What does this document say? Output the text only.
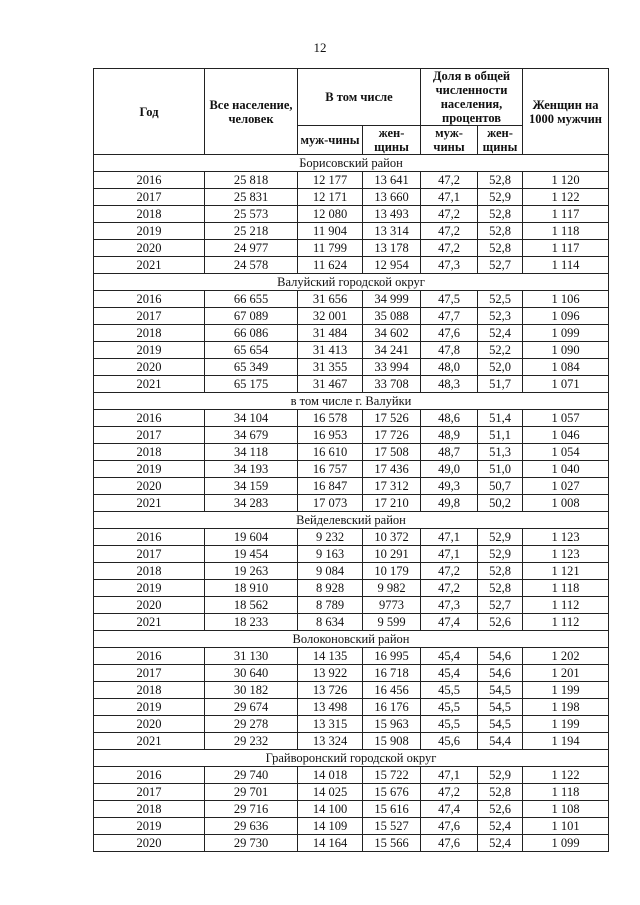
12
Год	Все население, человек	В том числе		Доля в общей численности населения, процентов		Женщин на 1000 мужчин
		муж-чины	жен-щины	муж-чины	жен-щины	
Борисовский район						
2016	25 818	12 177	13 641	47,2	52,8	1 120
2017	25 831	12 171	13 660	47,1	52,9	1 122
2018	25 573	12 080	13 493	47,2	52,8	1 117
2019	25 218	11 904	13 314	47,2	52,8	1 118
2020	24 977	11 799	13 178	47,2	52,8	1 117
2021	24 578	11 624	12 954	47,3	52,7	1 114
Валуйский городской округ						
2016	66 655	31 656	34 999	47,5	52,5	1 106
2017	67 089	32 001	35 088	47,7	52,3	1 096
2018	66 086	31 484	34 602	47,6	52,4	1 099
2019	65 654	31 413	34 241	47,8	52,2	1 090
2020	65 349	31 355	33 994	48,0	52,0	1 084
2021	65 175	31 467	33 708	48,3	51,7	1 071
в том числе г. Валуйки						
2016	34 104	16 578	17 526	48,6	51,4	1 057
2017	34 679	16 953	17 726	48,9	51,1	1 046
2018	34 118	16 610	17 508	48,7	51,3	1 054
2019	34 193	16 757	17 436	49,0	51,0	1 040
2020	34 159	16 847	17 312	49,3	50,7	1 027
2021	34 283	17 073	17 210	49,8	50,2	1 008
Вейделевский район						
2016	19 604	9 232	10 372	47,1	52,9	1 123
2017	19 454	9 163	10 291	47,1	52,9	1 123
2018	19 263	9 084	10 179	47,2	52,8	1 121
2019	18 910	8 928	9 982	47,2	52,8	1 118
2020	18 562	8 789	9773	47,3	52,7	1 112
2021	18 233	8 634	9 599	47,4	52,6	1 112
Волоконовский район						
2016	31 130	14 135	16 995	45,4	54,6	1 202
2017	30 640	13 922	16 718	45,4	54,6	1 201
2018	30 182	13 726	16 456	45,5	54,5	1 199
2019	29 674	13 498	16 176	45,5	54,5	1 198
2020	29 278	13 315	15 963	45,5	54,5	1 199
2021	29 232	13 324	15 908	45,6	54,4	1 194
Грайворонский городской округ						
2016	29 740	14 018	15 722	47,1	52,9	1 122
2017	29 701	14 025	15 676	47,2	52,8	1 118
2018	29 716	14 100	15 616	47,4	52,6	1 108
2019	29 636	14 109	15 527	47,6	52,4	1 101
2020	29 730	14 164	15 566	47,6	52,4	1 099
